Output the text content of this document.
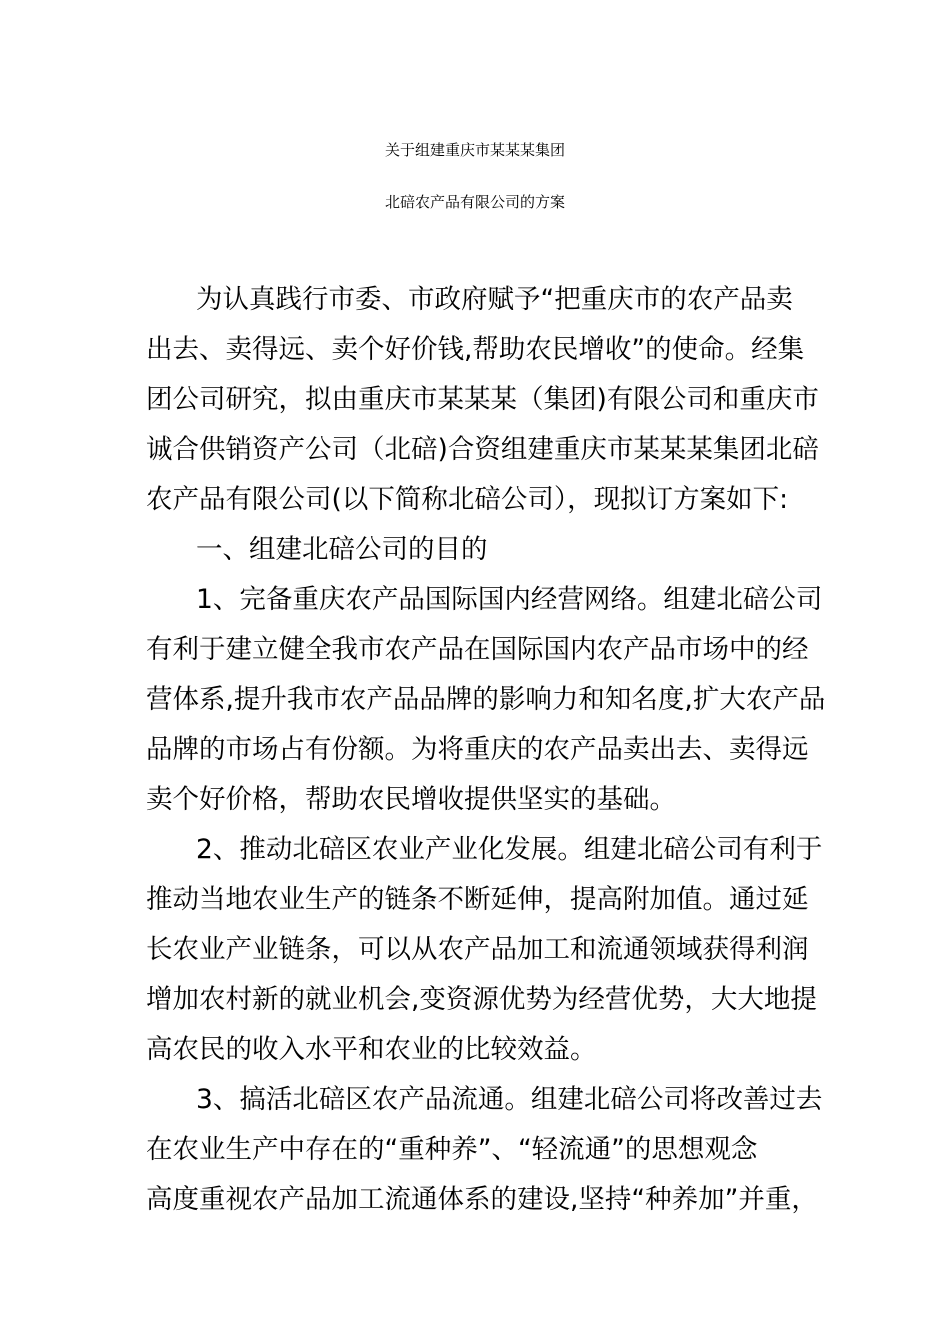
关于组建重庆市某某某集团
北碚农产品有限公司的方案
为认真践行市委、市政府赋予“把重庆市的农产品卖
出去、卖得远、卖个好价钱,帮助农民增收”的使命。经集
团公司研究，拟由重庆市某某某（集团)有限公司和重庆市
诚合供销资产公司（北碚)合资组建重庆市某某某集团北碚
农产品有限公司(以下简称北碚公司），现拟订方案如下:
一、组建北碚公司的目的
1、完备重庆农产品国际国内经营网络。组建北碚公司
有利于建立健全我市农产品在国际国内农产品市场中的经
营体系,提升我市农产品品牌的影响力和知名度,扩大农产品
品牌的市场占有份额。为将重庆的农产品卖出去、卖得远
卖个好价格，帮助农民增收提供坚实的基础。
2、推动北碚区农业产业化发展。组建北碚公司有利于
推动当地农业生产的链条不断延伸，提高附加值。通过延
长农业产业链条，可以从农产品加工和流通领域获得利润
增加农村新的就业机会,变资源优势为经营优势，大大地提
高农民的收入水平和农业的比较效益。
3、搞活北碚区农产品流通。组建北碚公司将改善过去
在农业生产中存在的“重种养”、“轻流通”的思想观念
高度重视农产品加工流通体系的建设,坚持“种养加”并重，
